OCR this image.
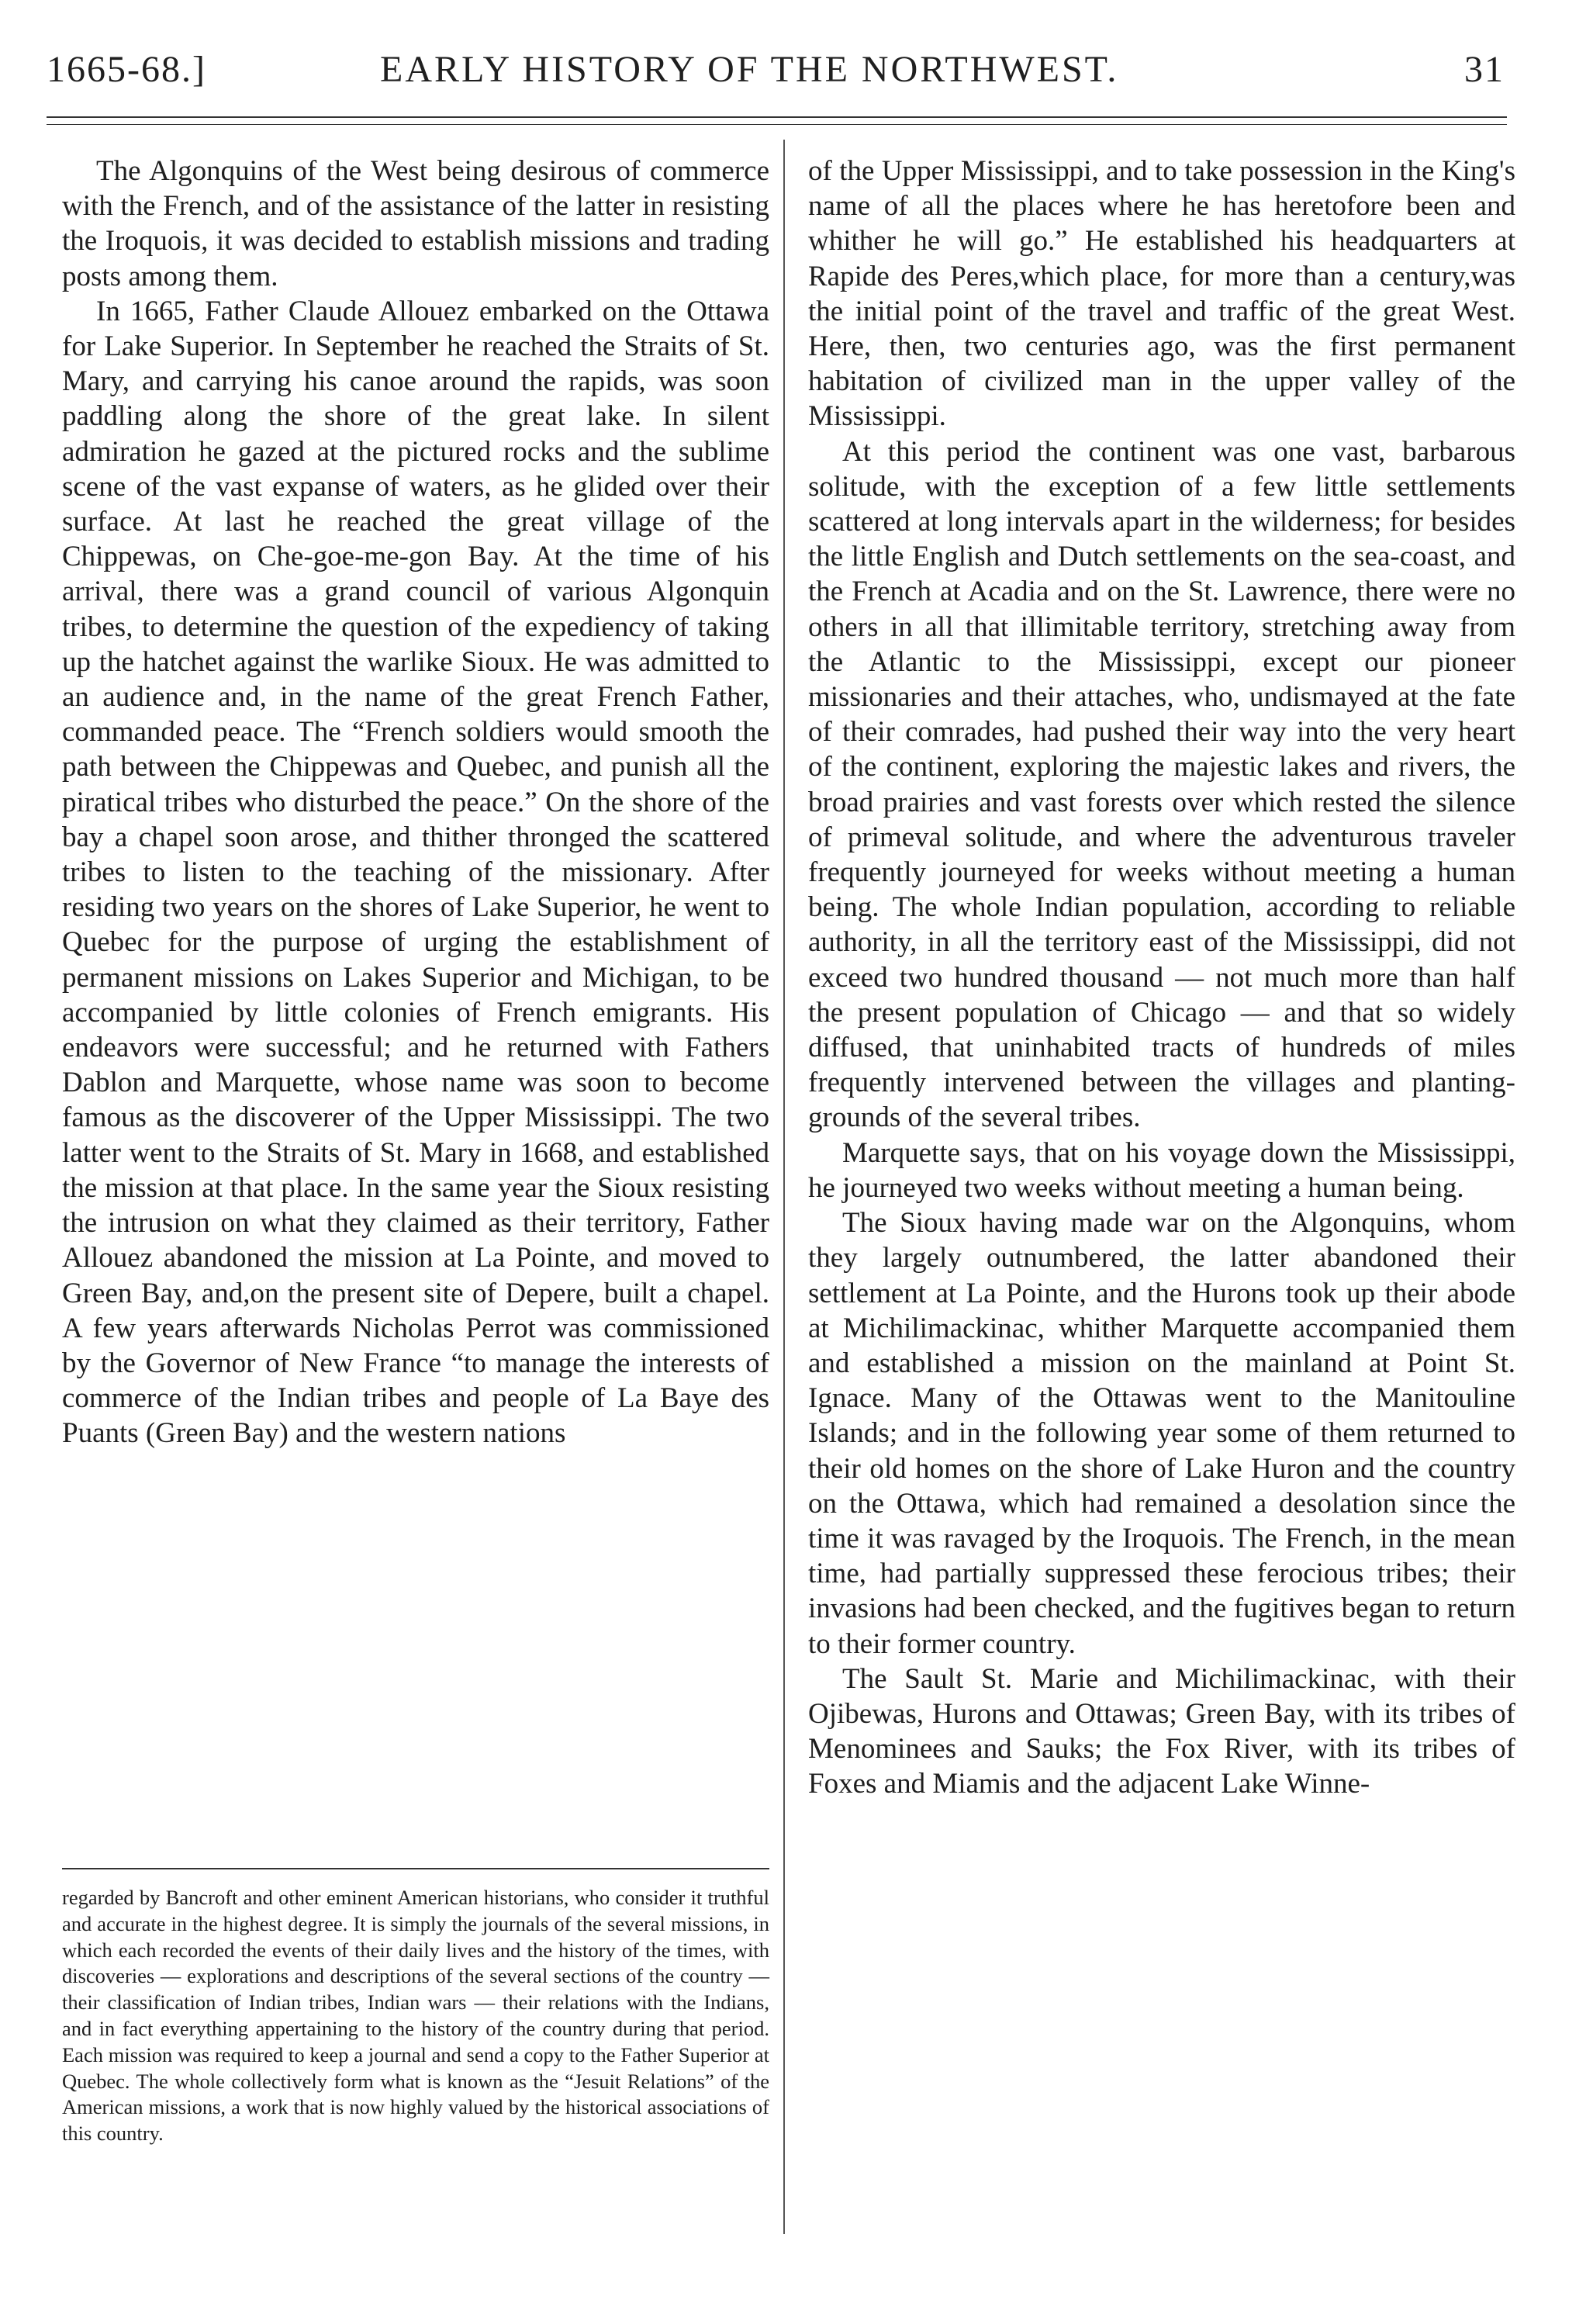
1665-68.]	EARLY HISTORY OF THE NORTHWEST.	31

The Algonquins of the West being desirous of commerce with the French, and of the assistance of the latter in resisting the Iroquois, it was decided to establish missions and trading posts among them.

In 1665, Father Claude Allouez embarked on the Ottawa for Lake Superior. In September he reached the Straits of St. Mary, and carrying his canoe around the rapids, was soon paddling along the shore of the great lake. In silent admiration he gazed at the pictured rocks and the sublime scene of the vast expanse of waters, as he glided over their surface. At last he reached the great village of the Chippewas, on Che-goe-me-gon Bay. At the time of his arrival, there was a grand council of various Algonquin tribes, to determine the question of the expediency of taking up the hatchet against the warlike Sioux. He was admitted to an audience and, in the name of the great French Father, commanded peace. The “French soldiers would smooth the path between the Chippewas and Quebec, and punish all the piratical tribes who disturbed the peace.” On the shore of the bay a chapel soon arose, and thither thronged the scattered tribes to listen to the teaching of the missionary. After residing two years on the shores of Lake Superior, he went to Quebec for the purpose of urging the establishment of permanent missions on Lakes Superior and Michigan, to be accompanied by little colonies of French emigrants. His endeavors were successful; and he returned with Fathers Dablon and Marquette, whose name was soon to become famous as the discoverer of the Upper Mississippi. The two latter went to the Straits of St. Mary in 1668, and established the mission at that place. In the same year the Sioux resisting the intrusion on what they claimed as their territory, Father Allouez abandoned the mission at La Pointe, and moved to Green Bay, and,on the present site of Depere, built a chapel. A few years afterwards Nicholas Perrot was commissioned by the Governor of New France “to manage the interests of commerce of the Indian tribes and people of La Baye des Puants (Green Bay) and the western nations

regarded by Bancroft and other eminent American historians, who consider it truthful and accurate in the highest degree. It is simply the journals of the several missions, in which each recorded the events of their daily lives and the history of the times, with discoveries — explorations and descriptions of the several sections of the country — their classification of Indian tribes, Indian wars — their relations with the Indians, and in fact everything appertaining to the history of the country during that period. Each mission was required to keep a journal and send a copy to the Father Superior at Quebec. The whole collectively form what is known as the “Jesuit Relations” of the American missions, a work that is now highly valued by the historical associations of this country.

of the Upper Mississippi, and to take possession in the King's name of all the places where he has heretofore been and whither he will go.” He established his headquarters at Rapide des Peres,which place, for more than a century,was the initial point of the travel and traffic of the great West. Here, then, two centuries ago, was the first permanent habitation of civilized man in the upper valley of the Mississippi.

At this period the continent was one vast, barbarous solitude, with the exception of a few little settlements scattered at long intervals apart in the wilderness; for besides the little English and Dutch settlements on the sea-coast, and the French at Acadia and on the St. Lawrence, there were no others in all that illimitable territory, stretching away from the Atlantic to the Mississippi, except our pioneer missionaries and their attaches, who, undismayed at the fate of their comrades, had pushed their way into the very heart of the continent, exploring the majestic lakes and rivers, the broad prairies and vast forests over which rested the silence of primeval solitude, and where the adventurous traveler frequently journeyed for weeks without meeting a human being. The whole Indian population, according to reliable authority, in all the territory east of the Mississippi, did not exceed two hundred thousand — not much more than half the present population of Chicago — and that so widely diffused, that uninhabited tracts of hundreds of miles frequently intervened between the villages and planting-grounds of the several tribes.

Marquette says, that on his voyage down the Mississippi, he journeyed two weeks without meeting a human being.

The Sioux having made war on the Algonquins, whom they largely outnumbered, the latter abandoned their settlement at La Pointe, and the Hurons took up their abode at Michilimackinac, whither Marquette accompanied them and established a mission on the mainland at Point St. Ignace. Many of the Ottawas went to the Manitouline Islands; and in the following year some of them returned to their old homes on the shore of Lake Huron and the country on the Ottawa, which had remained a desolation since the time it was ravaged by the Iroquois. The French, in the mean time, had partially suppressed these ferocious tribes; their invasions had been checked, and the fugitives began to return to their former country.

The Sault St. Marie and Michilimackinac, with their Ojibewas, Hurons and Ottawas; Green Bay, with its tribes of Menominees and Sauks; the Fox River, with its tribes of Foxes and Miamis and the adjacent Lake Winne-
